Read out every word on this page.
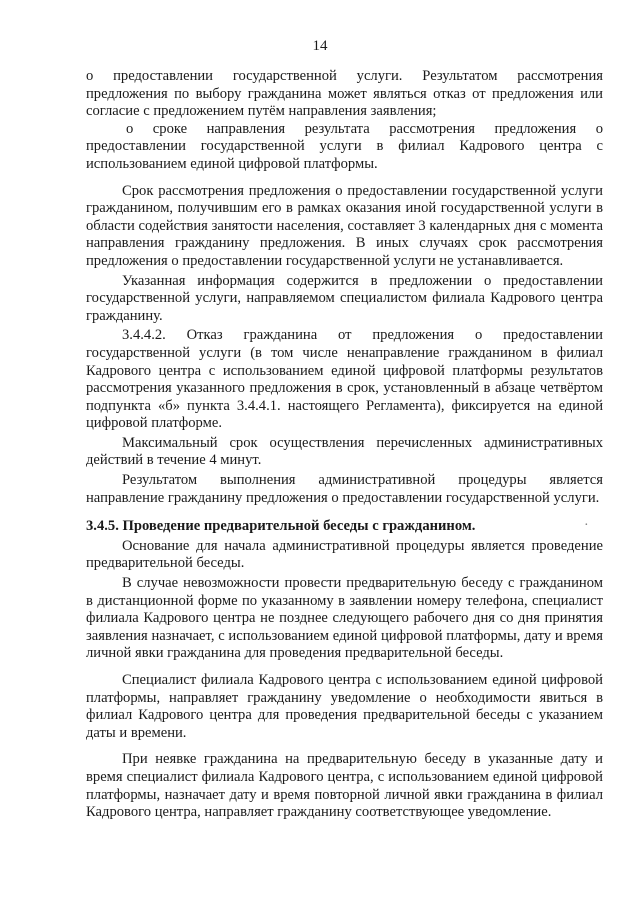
14

о предоставлении государственной услуги. Результатом рассмотрения предложения по выбору гражданина может являться отказ от предложения или согласие с предложением путём направления заявления;

о сроке направления результата рассмотрения предложения о предоставлении государственной услуги в филиал Кадрового центра с использованием единой цифровой платформы.

Срок рассмотрения предложения о предоставлении государственной услуги гражданином, получившим его в рамках оказания иной государственной услуги в области содействия занятости населения, составляет 3 календарных дня с момента направления гражданину предложения. В иных случаях срок рассмотрения предложения о предоставлении государственной услуги не устанавливается.

Указанная информация содержится в предложении о предоставлении государственной услуги, направляемом специалистом филиала Кадрового центра гражданину.

3.4.4.2. Отказ гражданина от предложения о предоставлении государственной услуги (в том числе ненаправление гражданином в филиал Кадрового центра с использованием единой цифровой платформы результатов рассмотрения указанного предложения в срок, установленный в абзаце четвёртом подпункта «б» пункта 3.4.4.1. настоящего Регламента), фиксируется на единой цифровой платформе.

Максимальный срок осуществления перечисленных административных действий в течение 4 минут.

Результатом выполнения административной процедуры является направление гражданину предложения о предоставлении государственной услуги.

3.4.5. Проведение предварительной беседы с гражданином.

Основание для начала административной процедуры является проведение предварительной беседы.

В случае невозможности провести предварительную беседу с гражданином в дистанционной форме по указанному в заявлении номеру телефона, специалист филиала Кадрового центра не позднее следующего рабочего дня со дня принятия заявления назначает, с использованием единой цифровой платформы, дату и время личной явки гражданина для проведения предварительной беседы.

Специалист филиала Кадрового центра с использованием единой цифровой платформы, направляет гражданину уведомление о необходимости явиться в филиал Кадрового центра для проведения предварительной беседы с указанием даты и времени.

При неявке гражданина на предварительную беседу в указанные дату и время специалист филиала Кадрового центра, с использованием единой цифровой платформы, назначает дату и время повторной личной явки гражданина в филиал Кадрового центра, направляет гражданину соответствующее уведомление.

·
